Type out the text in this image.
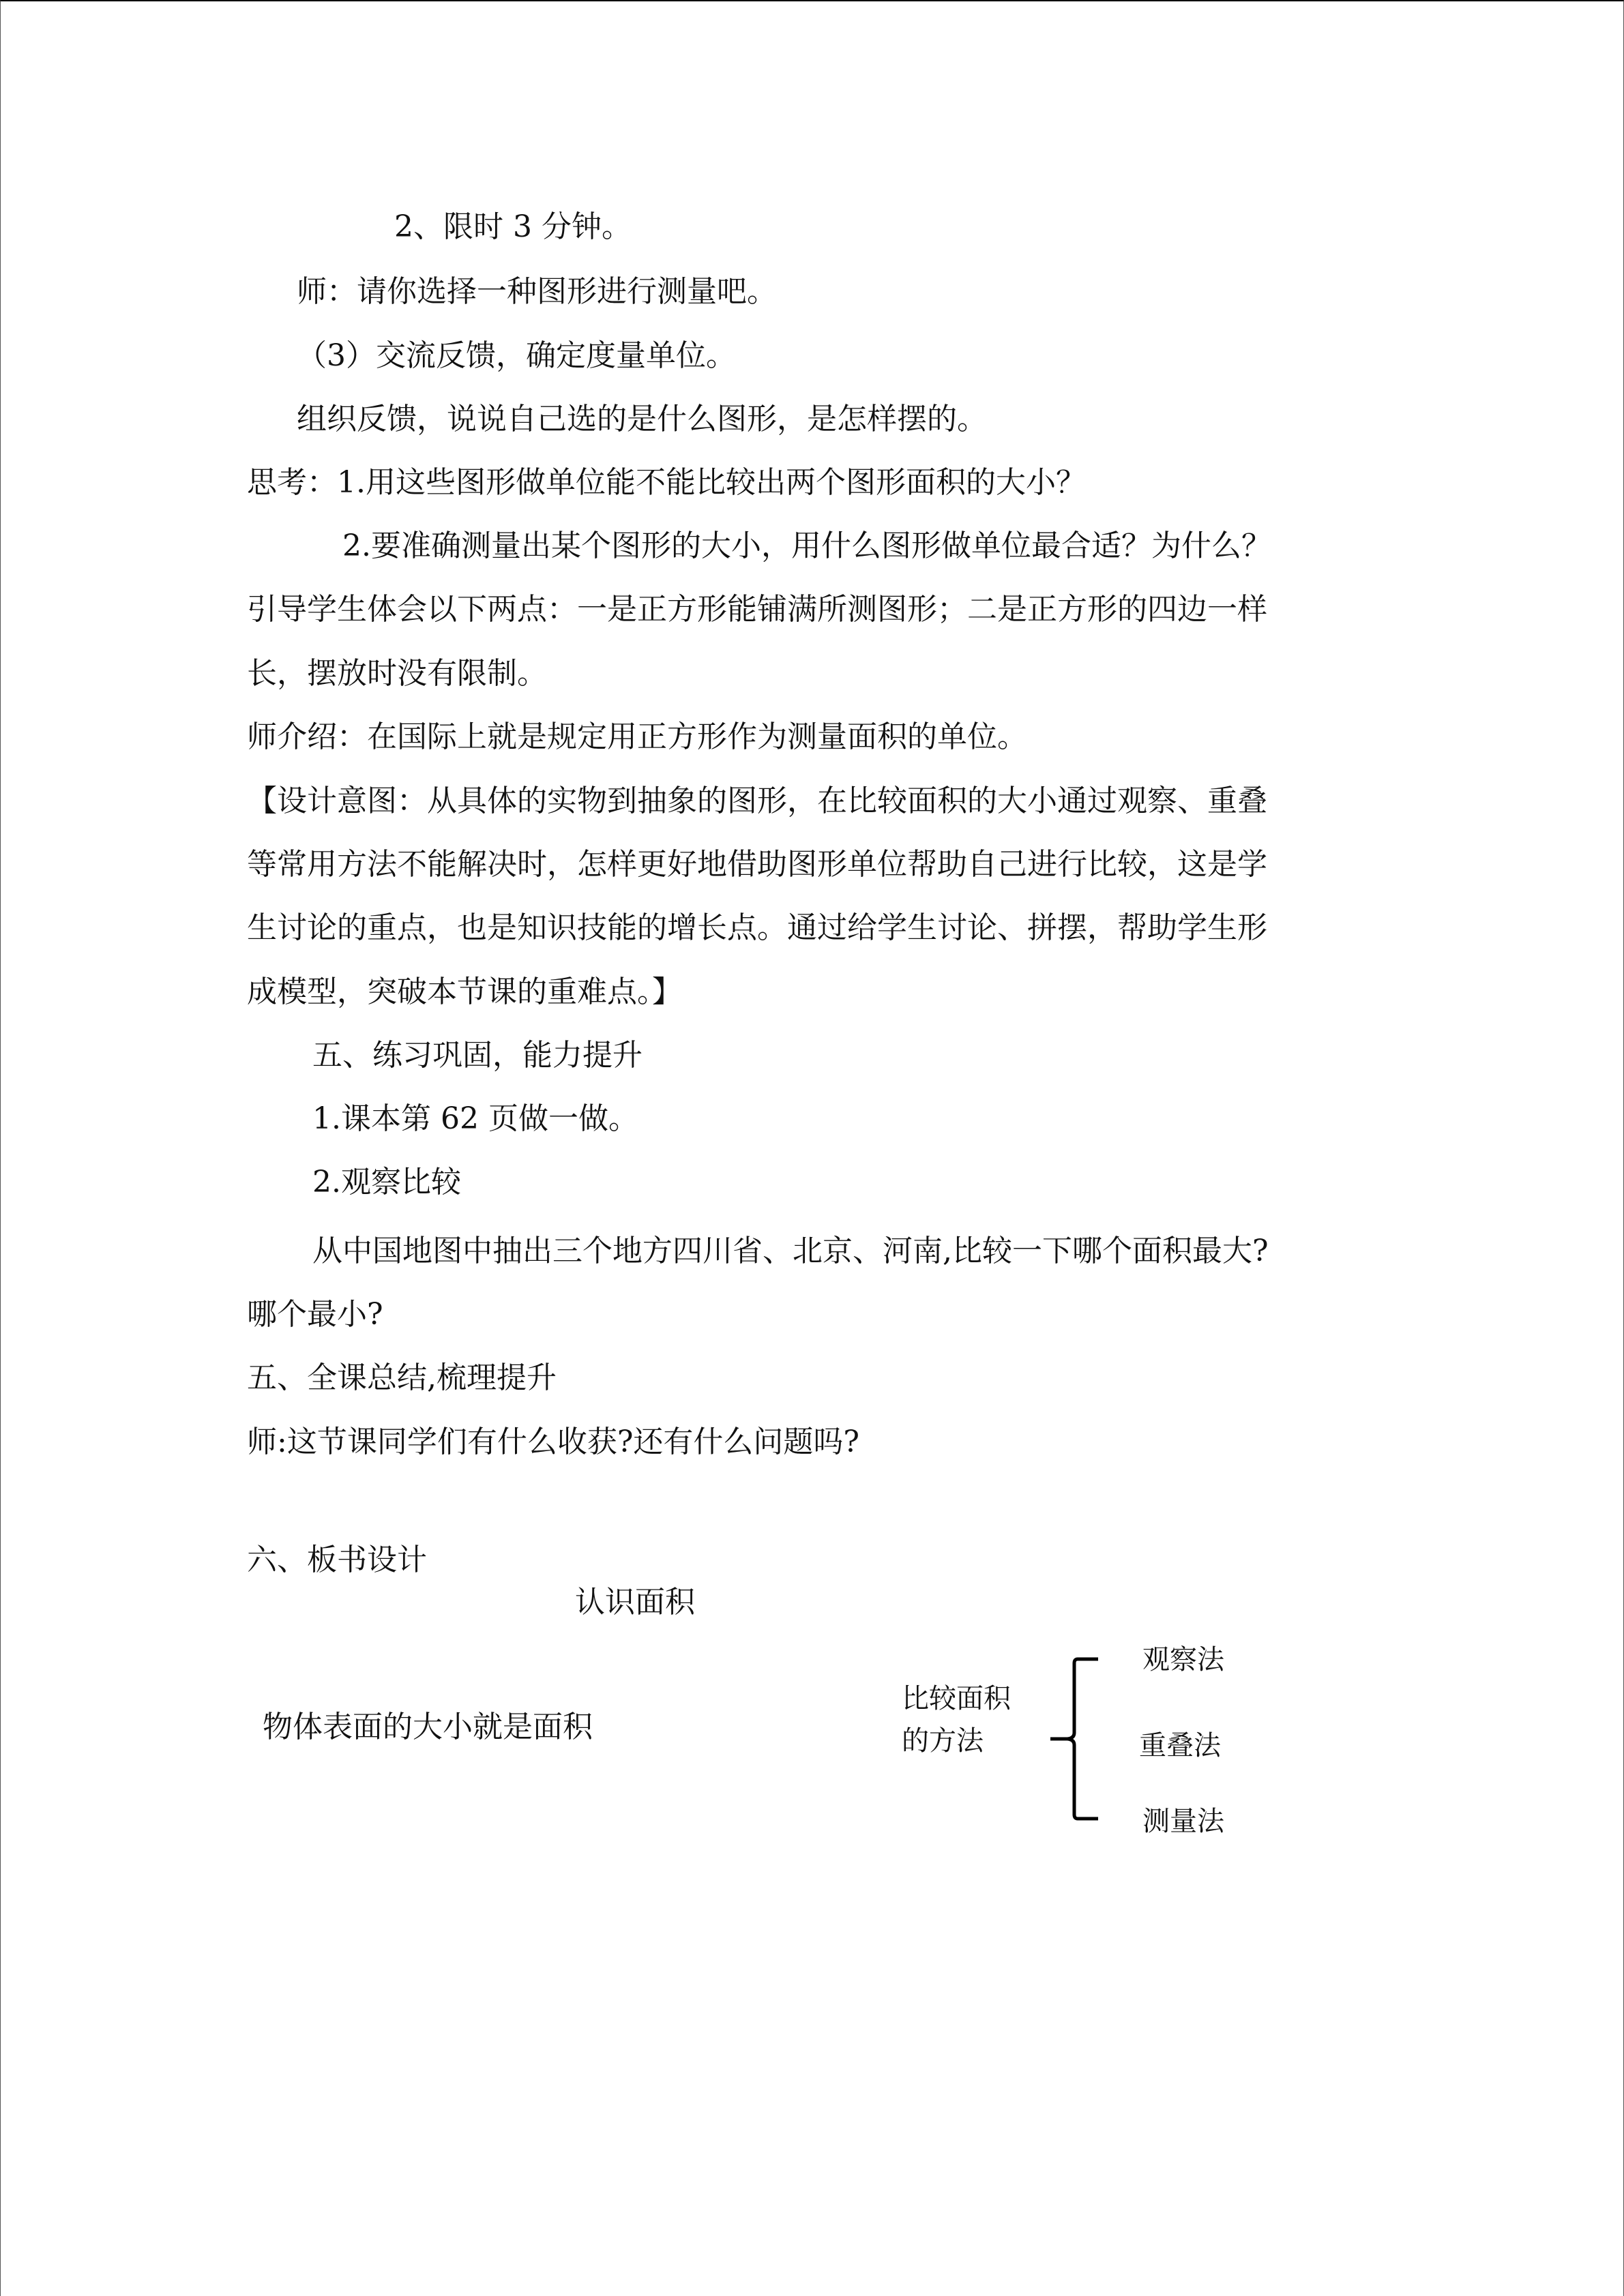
2、限时 3 分钟。
师：请你选择一种图形进行测量吧。
（3）交流反馈，确定度量单位。
组织反馈，说说自己选的是什么图形，是怎样摆的。
思考：1.用这些图形做单位能不能比较出两个图形面积的大小？
2.要准确测量出某个图形的大小，用什么图形做单位最合适？为什么？
引导学生体会以下两点：一是正方形能铺满所测图形；二是正方形的四边一样
长，摆放时没有限制。
师介绍：在国际上就是规定用正方形作为测量面积的单位。
【设计意图：从具体的实物到抽象的图形，在比较面积的大小通过观察、重叠
等常用方法不能解决时，怎样更好地借助图形单位帮助自己进行比较，这是学
生讨论的重点，也是知识技能的增长点。通过给学生讨论、拼摆，帮助学生形
成模型，突破本节课的重难点。】
五、练习巩固，能力提升
1.课本第 62 页做一做。
2.观察比较
从中国地图中抽出三个地方四川省、北京、河南,比较一下哪个面积最大?
哪个最小?
五、全课总结,梳理提升
师:这节课同学们有什么收获?还有什么问题吗?
六、板书设计
认识面积
物体表面的大小就是面积
比较面积
的方法
观察法
重叠法
测量法
